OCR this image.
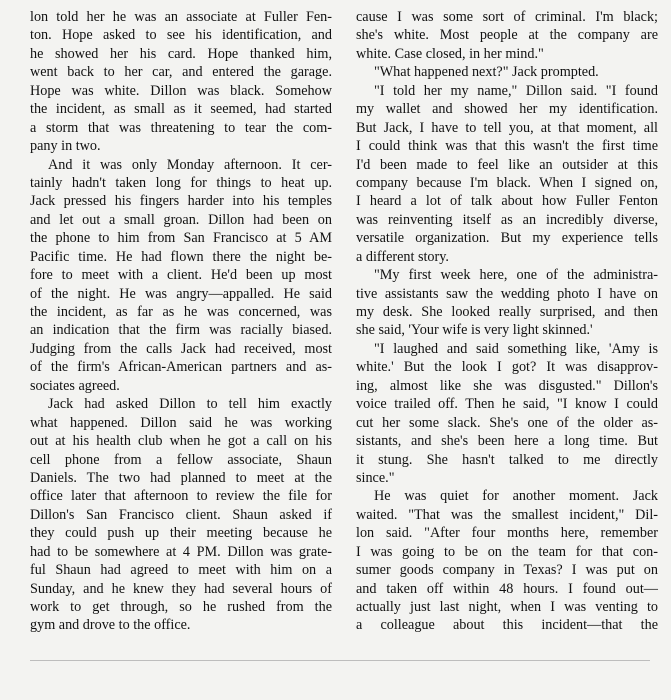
lon told her he was an associate at Fuller Fen-
ton. Hope asked to see his identification, and
he showed her his card. Hope thanked him,
went back to her car, and entered the garage.
Hope was white. Dillon was black. Somehow
the incident, as small as it seemed, had started
a storm that was threatening to tear the com-
pany in two.
And it was only Monday afternoon. It cer-
tainly hadn't taken long for things to heat up.
Jack pressed his fingers harder into his temples
and let out a small groan. Dillon had been on
the phone to him from San Francisco at 5 AM
Pacific time. He had flown there the night be-
fore to meet with a client. He'd been up most
of the night. He was angry—appalled. He said
the incident, as far as he was concerned, was
an indication that the firm was racially biased.
Judging from the calls Jack had received, most
of the firm's African-American partners and as-
sociates agreed.
Jack had asked Dillon to tell him exactly
what happened. Dillon said he was working
out at his health club when he got a call on his
cell phone from a fellow associate, Shaun
Daniels. The two had planned to meet at the
office later that afternoon to review the file for
Dillon's San Francisco client. Shaun asked if
they could push up their meeting because he
had to be somewhere at 4 PM. Dillon was grate-
ful Shaun had agreed to meet with him on a
Sunday, and he knew they had several hours of
work to get through, so he rushed from the
gym and drove to the office.
cause I was some sort of criminal. I'm black;
she's white. Most people at the company are
white. Case closed, in her mind."
"What happened next?" Jack prompted.
"I told her my name," Dillon said. "I found
my wallet and showed her my identification.
But Jack, I have to tell you, at that moment, all
I could think was that this wasn't the first time
I'd been made to feel like an outsider at this
company because I'm black. When I signed on,
I heard a lot of talk about how Fuller Fenton
was reinventing itself as an incredibly diverse,
versatile organization. But my experience tells
a different story.
"My first week here, one of the administra-
tive assistants saw the wedding photo I have on
my desk. She looked really surprised, and then
she said, 'Your wife is very light skinned.'
"I laughed and said something like, 'Amy is
white.' But the look I got? It was disapprov-
ing, almost like she was disgusted." Dillon's
voice trailed off. Then he said, "I know I could
cut her some slack. She's one of the older as-
sistants, and she's been here a long time. But
it stung. She hasn't talked to me directly
since."
He was quiet for another moment. Jack
waited. "That was the smallest incident," Dil-
lon said. "After four months here, remember
I was going to be on the team for that con-
sumer goods company in Texas? I was put on
and taken off within 48 hours. I found out—
actually just last night, when I was venting to
a colleague about this incident—that the
